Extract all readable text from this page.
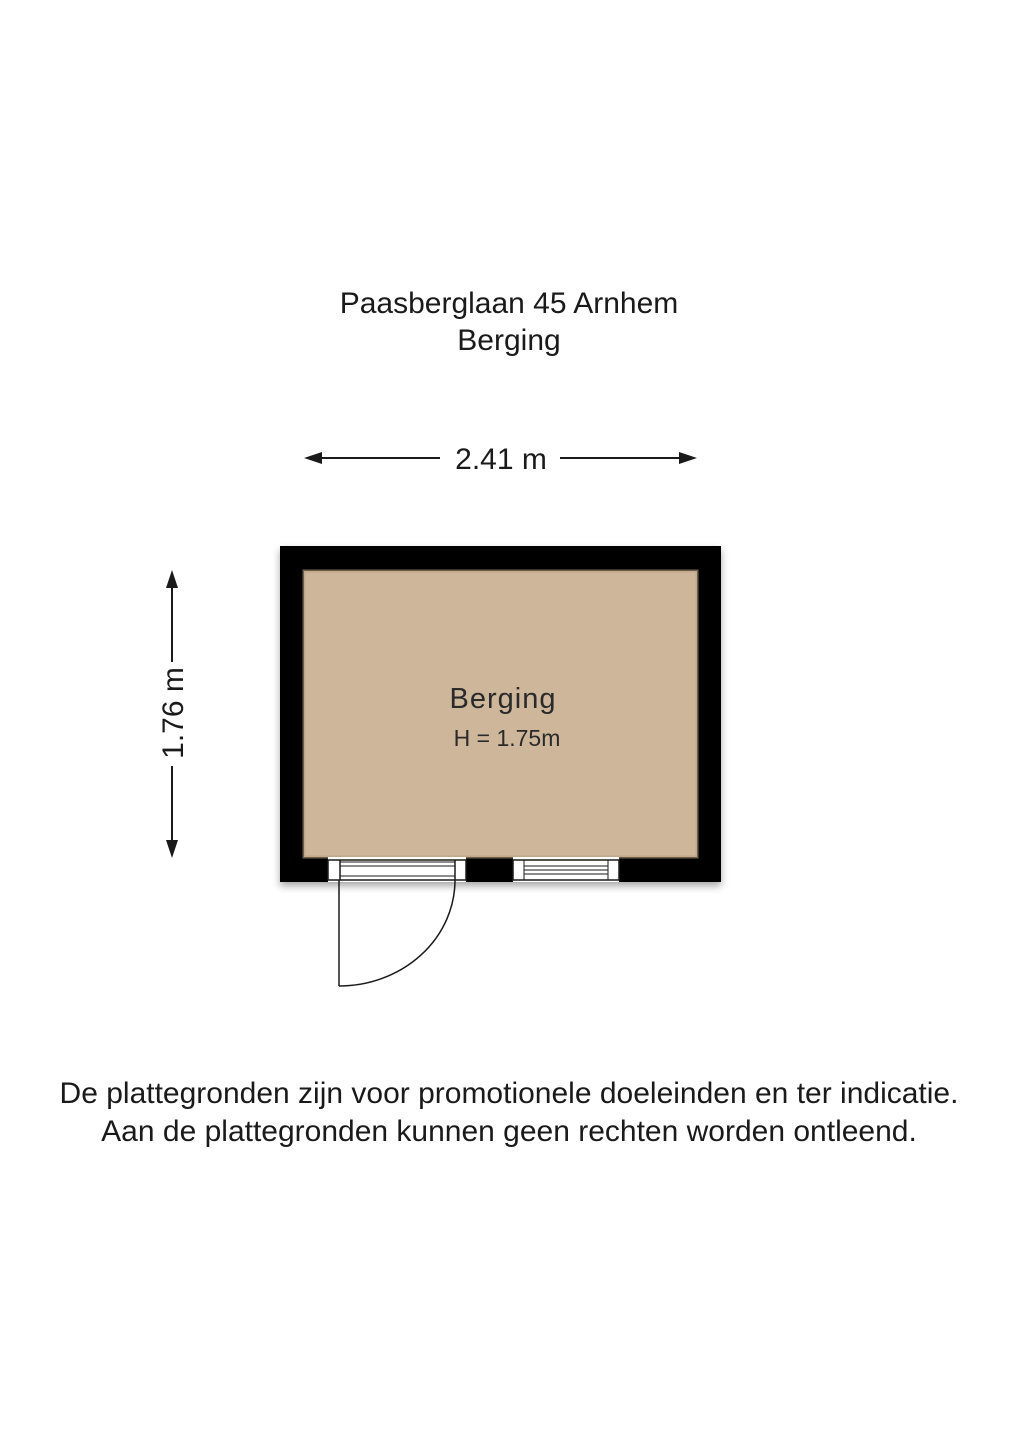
Paasberglaan 45 Arnhem
Berging
2.41 m
1.76 m	Berging
H = 1.75m
De plattegronden zijn voor promotionele doeleinden en ter indicatie.
Aan de plattegronden kunnen geen rechten worden ontleend.
